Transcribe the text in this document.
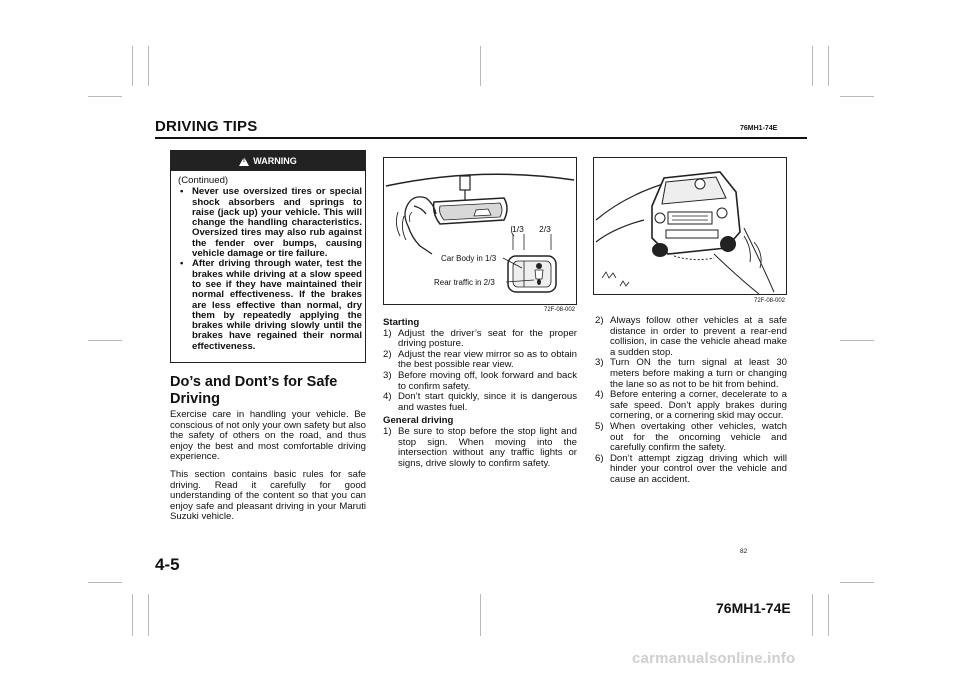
DRIVING TIPS	76MH1-74E
!
WARNING
(Continued)
• Never use oversized tires or special shock absorbers and springs to raise (jack up) your vehicle. This will change the handling characteristics. Oversized tires may also rub against the fender over bumps, causing vehicle damage or tire failure.
• After driving through water, test the brakes while driving at a slow speed to see if they have maintained their normal effectiveness. If the brakes are less effective than normal, dry them by repeatedly applying the brakes while driving slowly until the brakes have regained their normal effectiveness.
Do’s and Dont’s for Safe Driving
Exercise care in handling your vehicle. Be conscious of not only your own safety but also the safety of others on the road, and thus enjoy the best and most comfortable driving experience.
This section contains basic rules for safe driving. Read it carefully for good understanding of the content so that you can enjoy safe and pleasant driving in your Maruti Suzuki vehicle.
1/3 2/3
Car Body in 1/3
Rear traffic in 2/3
72F-08-002
72F-08-002
Starting
1) Adjust the driver’s seat for the proper driving posture.
2) Adjust the rear view mirror so as to obtain the best possible rear view.
3) Before moving off, look forward and back to confirm safety.
4) Don’t start quickly, since it is dangerous and wastes fuel.
General driving
1) Be sure to stop before the stop light and stop sign. When moving into the intersection without any traffic lights or signs, drive slowly to confirm safety.
2) Always follow other vehicles at a safe distance in order to prevent a rear-end collision, in case the vehicle ahead make a sudden stop.
3) Turn ON the turn signal at least 30 meters before making a turn or changing the lane so as not to be hit from behind.
4) Before entering a corner, decelerate to a safe speed. Don’t apply brakes during cornering, or a cornering skid may occur.
5) When overtaking other vehicles, watch out for the oncoming vehicle and carefully confirm the safety.
6) Don’t attempt zigzag driving which will hinder your control over the vehicle and cause an accident.
82
4-5
76MH1-74E
carmanualsonline.info
